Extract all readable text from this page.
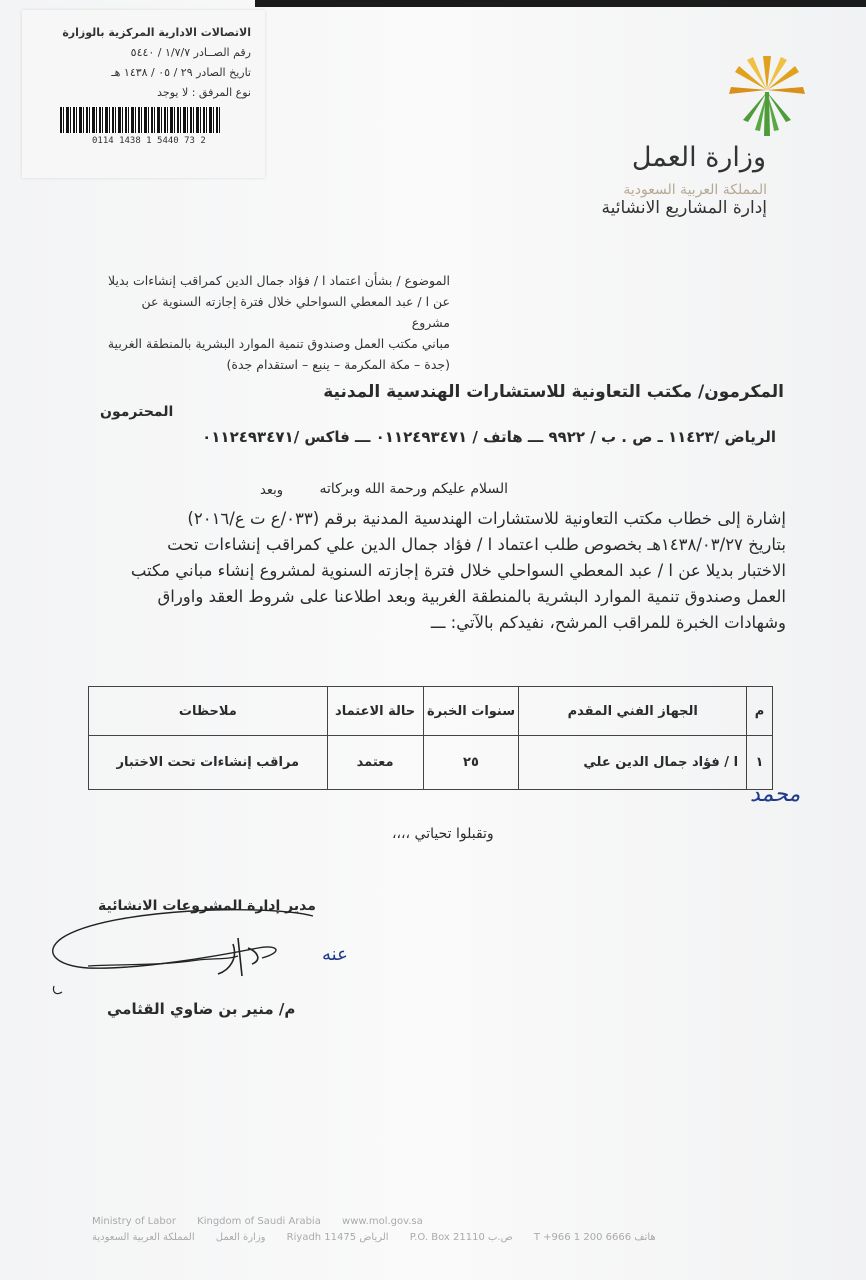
الاتصالات الادارية المركزية بالوزارة
رقم الصــادر ١/٧/٧ / ٥٤٤٠
تاريخ الصادر ٢٩ / ٠٥ / ١٤٣٨ هـ
نوع المرفق : لا يوجد
0114 1438 1 5440 73 2
وزارة العمل
المملكة العربية السعودية
إدارة المشاريع الانشائية
الموضوع / بشأن اعتماد ا / فؤاد جمال الدين كمراقب إنشاءات بديلا
عن ا / عبد المعطي السواحلي خلال فترة إجازته السنوية عن مشروع
مباني مكتب العمل وصندوق تنمية الموارد البشرية بالمنطقة الغربية
(جدة – مكة المكرمة – ينبع – استقدام جدة)
المكرمون/ مكتب التعاونية للاستشارات الهندسية المدنية
المحترمون
الرياض /١١٤٢٣ ـ ص . ب / ٩٩٢٢ ـــ هاتف / ٠١١٢٤٩٣٤٧١ ـــ فاكس /٠١١٢٤٩٣٤٧١
السلام عليكم ورحمة الله وبركاته
وبعد
إشارة إلى خطاب مكتب التعاونية للاستشارات الهندسية المدنية برقم (٠٣٣/ع ت ع/٢٠١٦)
بتاريخ ١٤٣٨/٠٣/٢٧هـ بخصوص طلب اعتماد ا / فؤاد جمال الدين علي كمراقب إنشاءات تحت
الاختبار بديلا عن ا / عبد المعطي السواحلي خلال فترة إجازته السنوية لمشروع إنشاء مباني مكتب
العمل وصندوق تنمية الموارد البشرية بالمنطقة الغربية وبعد اطلاعنا على شروط العقد واوراق
وشهادات الخبرة للمراقب المرشح، نفيدكم بالآتي: ـــ
م	الجهاز الفني المقدم	سنوات الخبرة	حالة الاعتماد	ملاحظات
١	ا / فؤاد جمال الدين علي	٢٥	معتمد	مراقب إنشاءات تحت الاختبار
محمد
وتقبلوا تحياتي ،،،،
مدير إدارة المشروعات الانشائية
عنه
م/ منير بن ضاوي القثامي
Ministry of Labor Kingdom of Saudi Arabia www.mol.gov.sa
وزارة العمل المملكة العربية السعودية	Riyadh 11475 الرياض P.O. Box 21110 ص.ب T +966 1 200 6666 هاتف
